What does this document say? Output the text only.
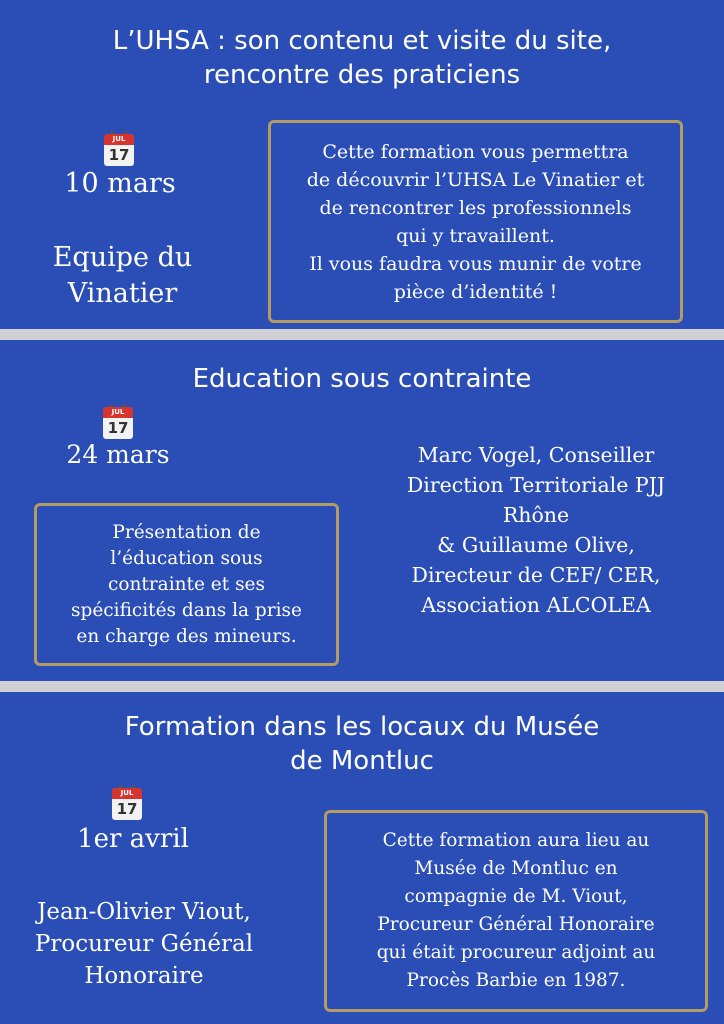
L’UHSA : son contenu et visite du site,
rencontre des praticiens
JUL
17
10 mars
Equipe du
Vinatier
Cette formation vous permettra
de découvrir l’UHSA Le Vinatier et
de rencontrer les professionnels
qui y travaillent.
Il vous faudra vous munir de votre
pièce d’identité !
Education sous contrainte
JUL
17
24 mars	Marc Vogel, Conseiller
Direction Territoriale PJJ
Rhône
& Guillaume Olive,
Directeur de CEF/ CER,
Association ALCOLEA
Présentation de
l’éducation sous
contrainte et ses
spécificités dans la prise
en charge des mineurs.
Formation dans les locaux du Musée
de Montluc
JUL
17
1er avril
Jean-Olivier Viout,
Procureur Général
Honoraire
Cette formation aura lieu au
Musée de Montluc en
compagnie de M. Viout,
Procureur Général Honoraire
qui était procureur adjoint au
Procès Barbie en 1987.
